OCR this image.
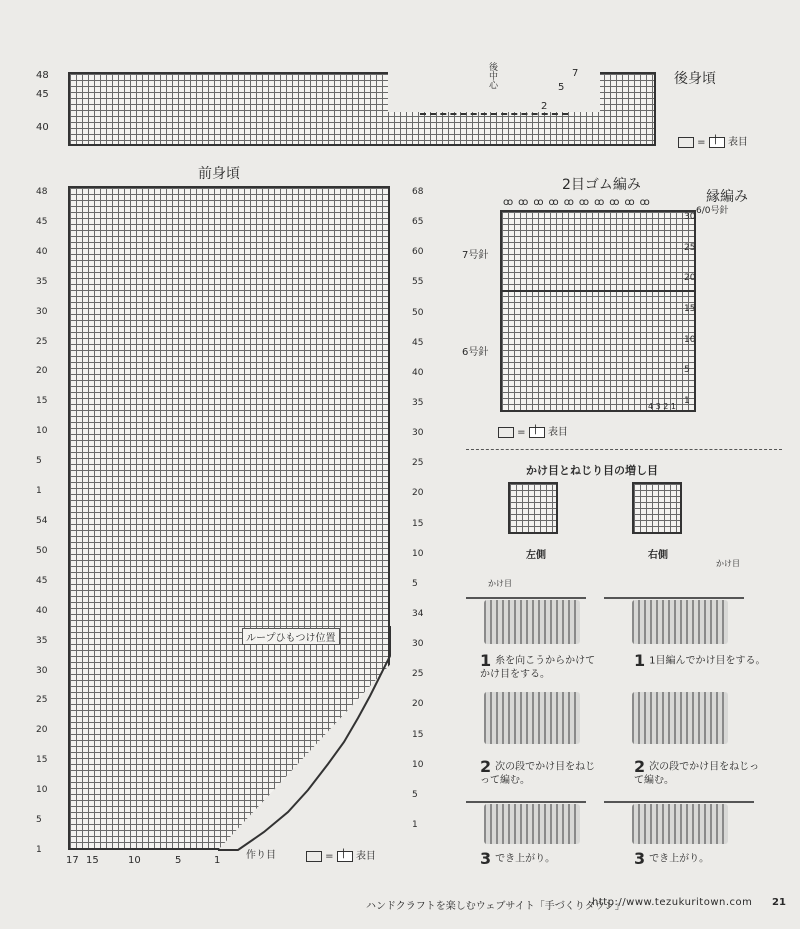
48
45
40
後中心	7
5
2
後身頃
= | 表目
前身頃
48
45
40
35
30
25
20
15
10
5
1
54
50
45
40
35
30
25
20
15
10
5
1
68
65
60
55
50
45
40
35
30
25
20
15
10
5
34
30
25
20
15
10
5
1
17 15	10	5	1	作り目
ループひもつけ位置
= | 表目
2目ゴム編み
縁編み
6/0号針
ꝏꝏꝏꝏꝏꝏꝏꝏꝏꝏ
7号針
6号針
30
25
20
15
10
5
1
4 3 2 1
= | 表目
かけ目とねじり目の増し目
左側	右側
かけ目
かけ目
1 糸を向こうからかけてかけ目をする。
2 次の段でかけ目をねじって編む。
3 でき上がり。
1 1目編んでかけ目をする。
2 次の段でかけ目をねじって編む。
3 でき上がり。
ハンドクラフトを楽しむウェブサイト「手づくりタウン」
http://www.tezukuritown.com 21
